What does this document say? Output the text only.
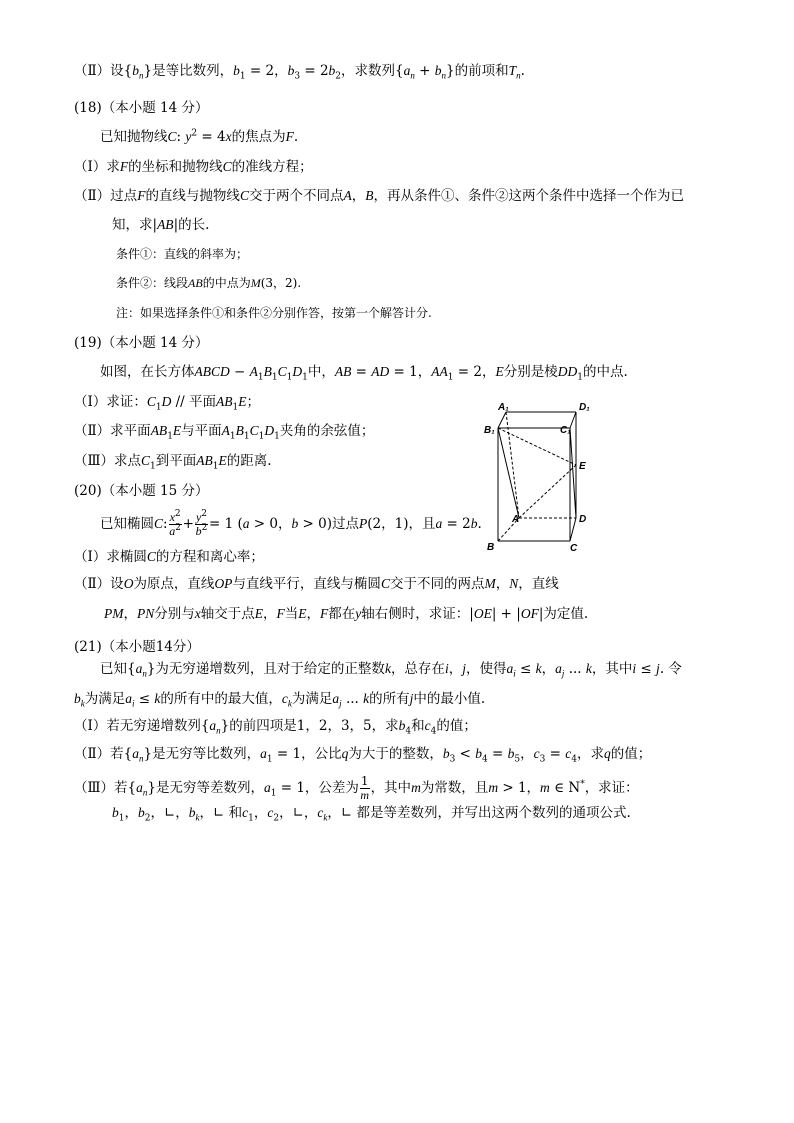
（Ⅱ）设$\{b_n\}$是等比数列，$b_1 = 2$，$b_3 = 2b_2$，求数列$\{a_n + b_n\}$的前项和$T_n$.
(18)（本小题 14 分）
已知抛物线C: $y^2 = 4x$的焦点为F.
（Ⅰ）求F的坐标和抛物线C的准线方程；
（Ⅱ）过点F的直线与抛物线C交于两个不同点A，B，再从条件①、条件②这两个条件中选择一个作为已
知，求|AB|的长.
条件①：直线的斜率为；
条件②：线段AB的中点为M(3，2).
注：如果选择条件①和条件②分别作答，按第一个解答计分.
(19)（本小题 14 分）
如图，在长方体ABCD − $A_1B_1C_1D_1$中，AB = AD = 1，$AA_1 = 2$，E分别是棱$DD_1$的中点.
（Ⅰ）求证：$C_1D$ // 平面$AB_1E$；
（Ⅱ）求平面$AB_1E$与平面$A_1B_1C_1D_1$夹角的余弦值；
（Ⅲ）求点$C_1$到平面$AB_1E$的距离.
(20)（本小题 15 分）
已知椭圆C: $\frac{x^2}{a^2} + \frac{y^2}{b^2} = 1$ (a > 0，b > 0)过点P(2，1)，且a = 2b.
（Ⅰ）求椭圆C的方程和离心率；
（Ⅱ）设O为原点，直线OP与直线平行，直线与椭圆C交于不同的两点M，N，直线
PM，PN分别与x轴交于点E，F当E，F都在y轴右侧时，求证：|OE| + |OF|为定值.
(21)（本小题14分）
已知$\{a_n\}$为无穷递增数列，且对于给定的正整数k，总存在i，j，使得$a_i \le k$，$a_j$ ... k，其中i ≤ j. 令
$b_k$为满足$a_i \le k$的所有中的最大值，$c_k$为满足$a_j$ ... k的所有j中的最小值.
（Ⅰ）若无穷递增数列$\{a_n\}$的前四项是1，2，3，5，求$b_4$和$c_4$的值；
（Ⅱ）若$\{a_n\}$是无穷等比数列，$a_1 = 1$，公比q为大于的整数，$b_3 < b_4 = b_5$，$c_3 = c_4$，求q的值；
（Ⅲ）若$\{a_n\}$是无穷等差数列，$a_1 = 1$，公差为 $\frac{1}{m}$ ，其中m为常数，且m > 1，m ∈ N*，求证：
$b_1$，$b_2$，∟，$b_k$，∟ 和$c_1$，$c_2$，∟，$c_k$，∟ 都是等差数列，并写出这两个数列的通项公式.
A₁	D₁
B₁	C₁
E
A	D
B	C
